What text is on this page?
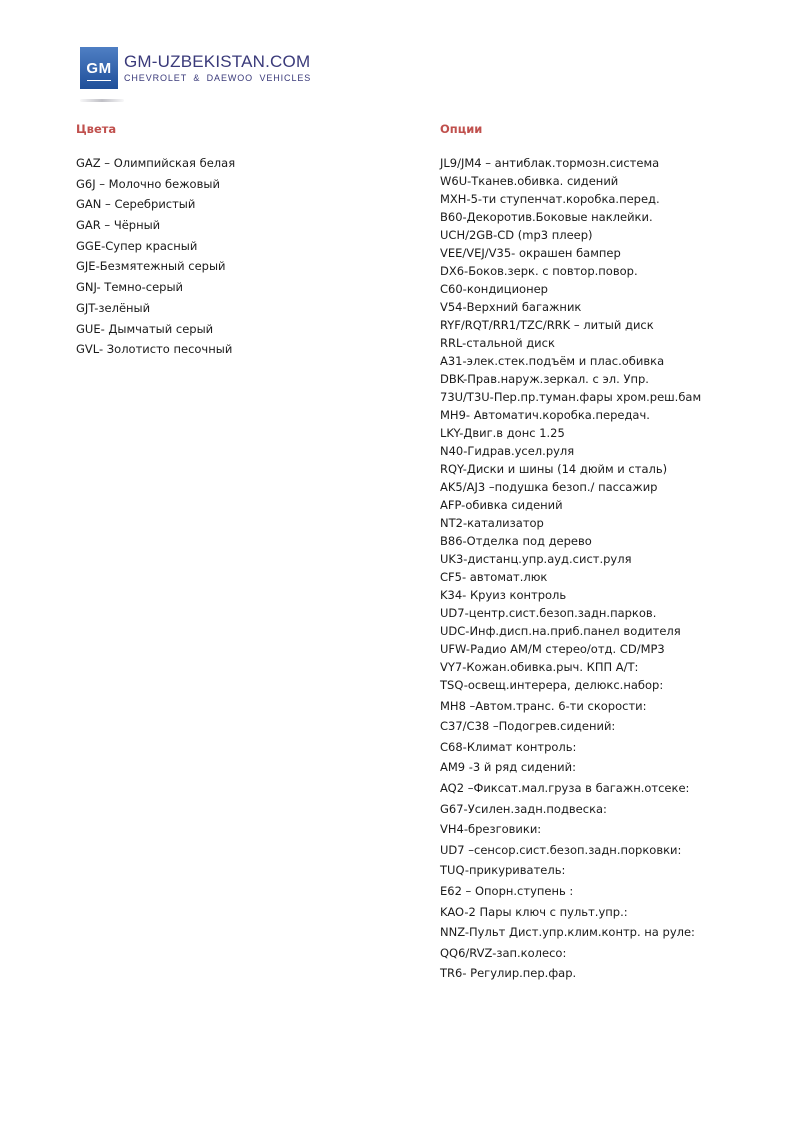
GM GM-UZBEKISTAN.COM
CHEVROLET & DAEWOO VEHICLES
Цвета
GAZ – Олимпийская белая
G6J – Молочно бежовый
GAN – Серебристый
GAR – Чёрный
GGE-Супер красный
GJE-Безмятежный серый
GNJ- Темно-серый
GJT-зелёный
GUE- Дымчатый серый
GVL- Золотисто песочный
Опции
JL9/JM4 – антиблак.тормозн.система
W6U-Тканев.обивка. сидений
MXH-5-ти ступенчат.коробка.перед.
B60-Декоротив.Боковые наклейки.
UCH/2GB-CD (mp3 плеер)
VEE/VEJ/V35- окрашен бампер
DX6-Боков.зерк. с повтор.повор.
C60-кондиционер
V54-Верхний багажник
RYF/RQT/RR1/TZC/RRK – литый диск
RRL-стальной диск
A31-элек.стек.подъём и плас.обивка
DBK-Прав.наруж.зеркал. с эл. Упр.
73U/T3U-Пер.пр.туман.фары хром.реш.бам
MH9- Автоматич.коробка.передач.
LKY-Двиг.в донс 1.25
N40-Гидрав.усел.руля
RQY-Диски и шины (14 дюйм и сталь)
AK5/AJ3 –подушка безоп./ пассажир
AFP-обивка сидений
NT2-катализатор
B86-Отделка под дерево
UK3-дистанц.упр.ауд.сист.руля
CF5- автомат.люк
K34- Круиз контроль
UD7-центр.сист.безоп.задн.парков.
UDC-Инф.дисп.на.приб.панел водителя
UFW-Радио AM/M стерео/отд. CD/MP3
VY7-Кожан.обивка.рыч. КПП А/Т:
TSQ-освещ.интерера, делюкс.набор:
MH8 –Автом.транс. 6-ти скорости:
C37/C38 –Подогрев.сидений:
C68-Климат контроль:
AM9 -3 й ряд сидений:
AQ2 –Фиксат.мал.груза в багажн.отсеке:
G67-Усилен.задн.подвеска:
VH4-брезговики:
UD7 –сенсор.сист.безоп.задн.порковки:
TUQ-прикуриватель:
E62 – Опорн.ступень :
KAO-2 Пары ключ с пульт.упр.:
NNZ-Пульт Дист.упр.клим.контр. на руле:
QQ6/RVZ-зап.колесо:
TR6- Регулир.пер.фар.
